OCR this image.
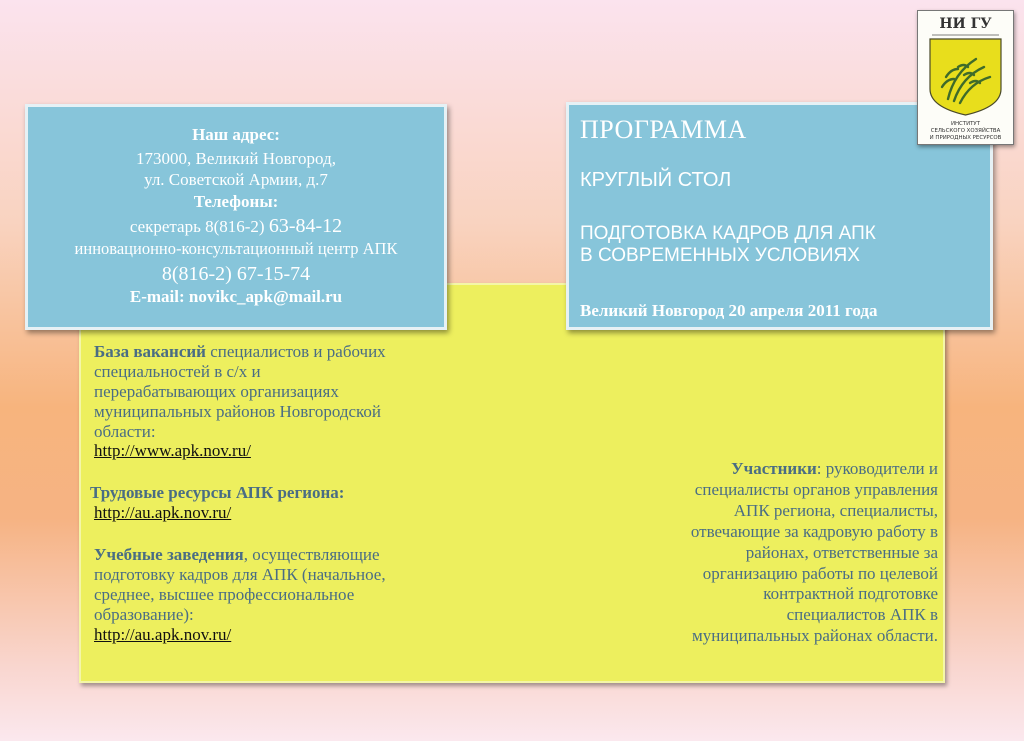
Наш адрес:
173000, Великий Новгород,
ул. Советской Армии, д.7
Телефоны:
секретарь 8(816-2) 63-84-12
инновационно-консультационный центр АПК
8(816-2) 67-15-74
E-mail: novikc_apk@mail.ru
ПРОГРАММА
КРУГЛЫЙ СТОЛ
ПОДГОТОВКА КАДРОВ ДЛЯ АПК
В СОВРЕМЕННЫХ УСЛОВИЯХ
Великий Новгород 20 апреля 2011 года
НИ ГУ
ИНСТИТУТ
СЕЛЬСКОГО ХОЗЯЙСТВА
И ПРИРОДНЫХ РЕСУРСОВ
База вакансий специалистов и рабочих
специальностей в с/х и
перерабатывающих организациях
муниципальных районов Новгородской
области:
http://www.apk.nov.ru/
Трудовые ресурсы АПК региона:
http://au.apk.nov.ru/
Учебные заведения, осуществляющие
подготовку кадров для АПК (начальное,
среднее, высшее профессиональное
образование):
http://au.apk.nov.ru/
Участники: руководители и
специалисты органов управления
АПК региона, специалисты,
отвечающие за кадровую работу в
районах, ответственные за
организацию работы по целевой
контрактной подготовке
специалистов АПК в
муниципальных районах области.
